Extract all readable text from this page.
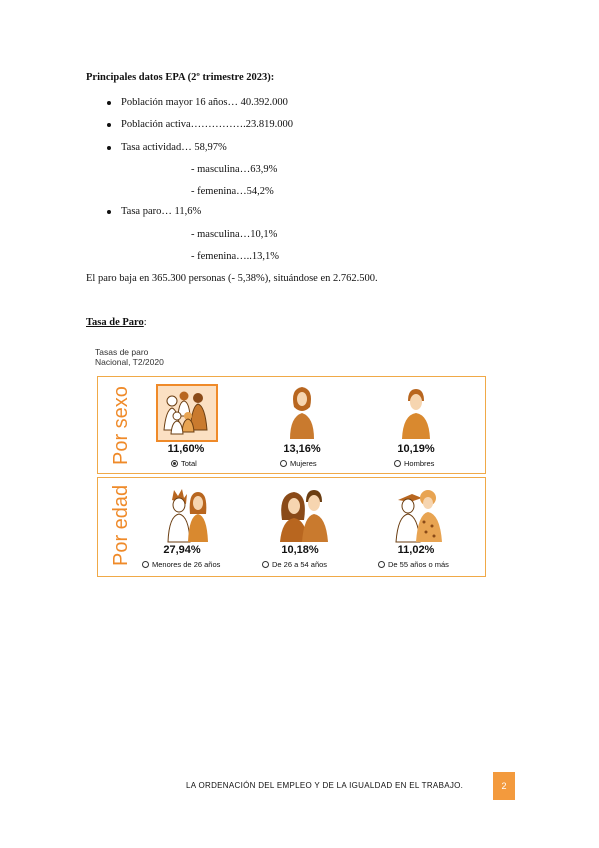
Principales datos EPA (2º trimestre 2023):
Población mayor 16 años… 40.392.000
Población activa…………….23.819.000
Tasa actividad… 58,97%
- masculina…63,9%
- femenina…54,2%
Tasa paro… 11,6%
- masculina…10,1%
- femenina…..13,1%
El paro baja en 365.300 personas (- 5,38%), situándose en 2.762.500.
Tasa de Paro:
Tasas de paro
Nacional, T2/2020
Por sexo	11,60%
Total
13,16%
Mujeres
10,19%
Hombres
Por edad	27,94%
Menores de 26 años
10,18%
De 26 a 54 años
11,02%
De 55 años o más
LA ORDENACIÓN DEL EMPLEO Y DE LA IGUALDAD EN EL TRABAJO.	2
